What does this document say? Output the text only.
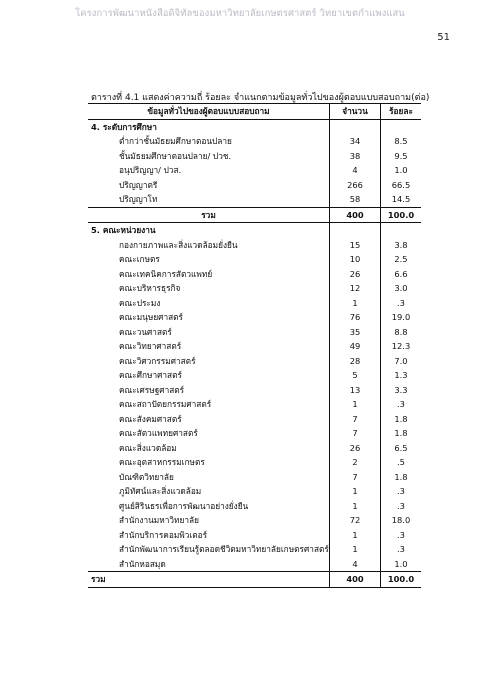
โครงการพัฒนาหนังสือดิจิทัลของมหาวิทยาลัยเกษตรศาสตร์ วิทยาเขตกำแพงแสน
51
ตารางที่ 4.1 แสดงค่าความถี่ ร้อยละ จำแนกตามข้อมูลทั่วไปของผู้ตอบแบบสอบถาม(ต่อ)
ข้อมูลทั่วไปของผู้ตอบแบบสอบถาม	จำนวน	ร้อยละ
4. ระดับการศึกษา		
ต่ำกว่าชั้นมัธยมศึกษาตอนปลาย	34	8.5
ชั้นมัธยมศึกษาตอนปลาย/ ปวช.	38	9.5
อนุปริญญา/ ปวส.	4	1.0
ปริญญาตรี	266	66.5
ปริญญาโท	58	14.5
รวม	400	100.0
5. คณะหน่วยงาน		
กองกายภาพและสิ่งแวดล้อมยั่งยืน	15	3.8
คณะเกษตร	10	2.5
คณะเทคนิคการสัตวแพทย์	26	6.6
คณะบริหารธุรกิจ	12	3.0
คณะประมง	1	.3
คณะมนุษยศาสตร์	76	19.0
คณะวนศาสตร์	35	8.8
คณะวิทยาศาสตร์	49	12.3
คณะวิศวกรรมศาสตร์	28	7.0
คณะศึกษาศาสตร์	5	1.3
คณะเศรษฐศาสตร์	13	3.3
คณะสถาปัตยกรรมศาสตร์	1	.3
คณะสังคมศาสตร์	7	1.8
คณะสัตวแพทยศาสตร์	7	1.8
คณะสิ่งแวดล้อม	26	6.5
คณะอุตสาหกรรมเกษตร	2	.5
บัณฑิตวิทยาลัย	7	1.8
ภูมิทัศน์และสิ่งแวดล้อม	1	.3
ศูนย์สิรินธรเพื่อการพัฒนาอย่างยั่งยืน	1	.3
สำนักงานมหาวิทยาลัย	72	18.0
สำนักบริการคอมพิวเตอร์	1	.3
สำนักพัฒนาการเรียนรู้ตลอดชีวิตมหาวิทยาลัยเกษตรศาสตร์	1	.3
สำนักหอสมุด	4	1.0
รวม	400	100.0
